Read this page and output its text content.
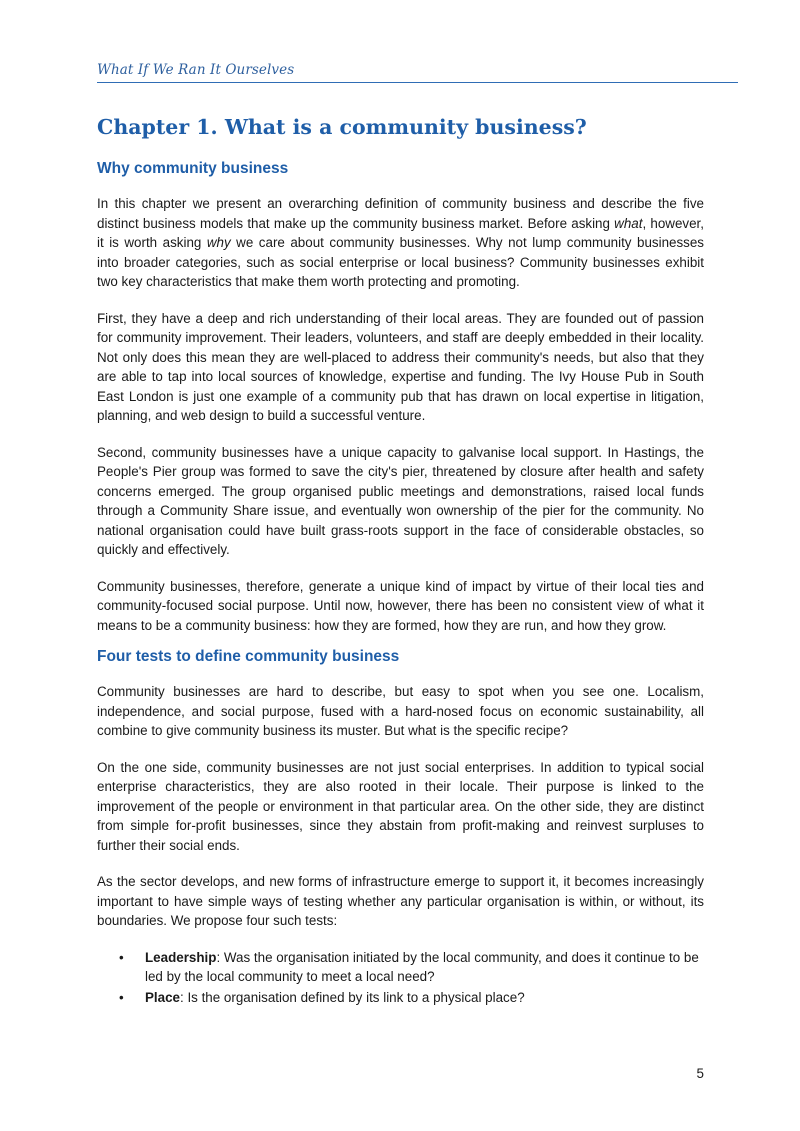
What If We Ran It Ourselves
Chapter 1. What is a community business?
Why community business

In this chapter we present an overarching definition of community business and describe the five distinct business models that make up the community business market. Before asking what, however, it is worth asking why we care about community businesses. Why not lump community businesses into broader categories, such as social enterprise or local business? Community businesses exhibit two key characteristics that make them worth protecting and promoting.

First, they have a deep and rich understanding of their local areas. They are founded out of passion for community improvement. Their leaders, volunteers, and staff are deeply embedded in their locality. Not only does this mean they are well-placed to address their community's needs, but also that they are able to tap into local sources of knowledge, expertise and funding. The Ivy House Pub in South East London is just one example of a community pub that has drawn on local expertise in litigation, planning, and web design to build a successful venture.

Second, community businesses have a unique capacity to galvanise local support. In Hastings, the People's Pier group was formed to save the city's pier, threatened by closure after health and safety concerns emerged. The group organised public meetings and demonstrations, raised local funds through a Community Share issue, and eventually won ownership of the pier for the community. No national organisation could have built grass-roots support in the face of considerable obstacles, so quickly and effectively.

Community businesses, therefore, generate a unique kind of impact by virtue of their local ties and community-focused social purpose. Until now, however, there has been no consistent view of what it means to be a community business: how they are formed, how they are run, and how they grow.

Four tests to define community business

Community businesses are hard to describe, but easy to spot when you see one. Localism, independence, and social purpose, fused with a hard-nosed focus on economic sustainability, all combine to give community business its muster. But what is the specific recipe?

On the one side, community businesses are not just social enterprises. In addition to typical social enterprise characteristics, they are also rooted in their locale. Their purpose is linked to the improvement of the people or environment in that particular area. On the other side, they are distinct from simple for-profit businesses, since they abstain from profit-making and reinvest surpluses to further their social ends.

As the sector develops, and new forms of infrastructure emerge to support it, it becomes increasingly important to have simple ways of testing whether any particular organisation is within, or without, its boundaries. We propose four such tests:

• Leadership: Was the organisation initiated by the local community, and does it continue to be led by the local community to meet a local need?
• Place: Is the organisation defined by its link to a physical place?
5
